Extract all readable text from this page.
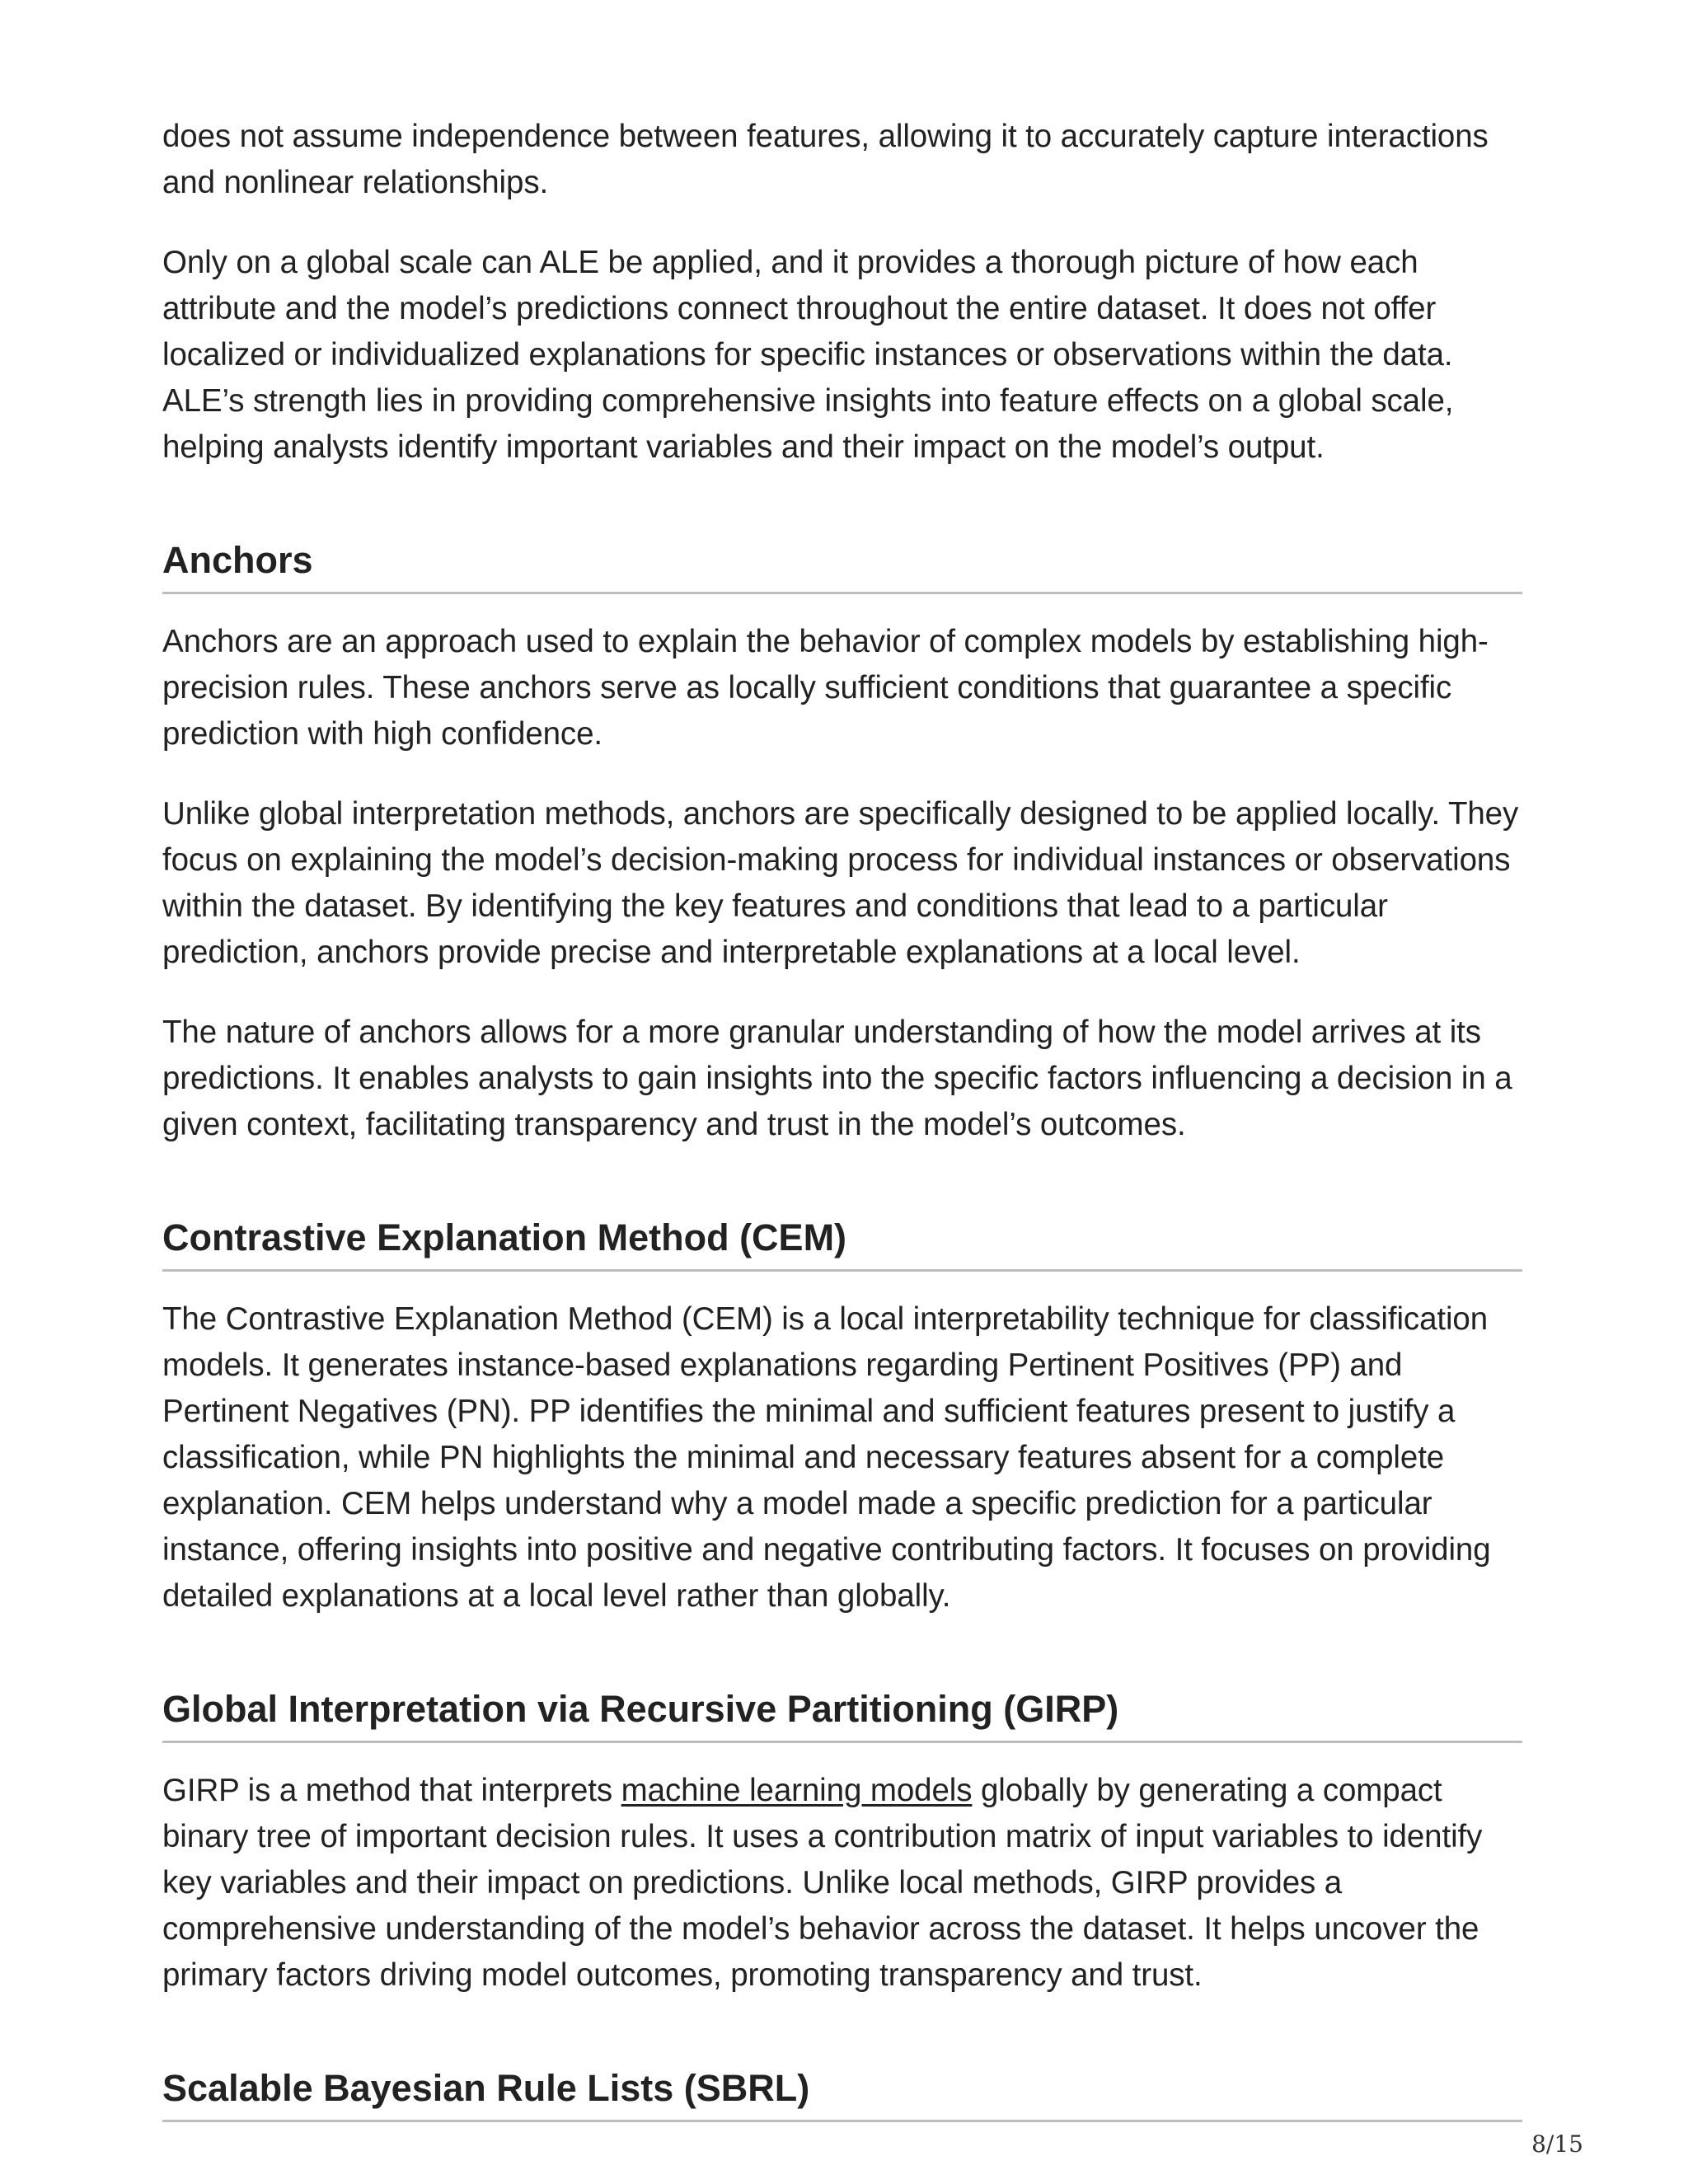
does not assume independence between features, allowing it to accurately capture interactions and nonlinear relationships.

Only on a global scale can ALE be applied, and it provides a thorough picture of how each attribute and the model’s predictions connect throughout the entire dataset. It does not offer localized or individualized explanations for specific instances or observations within the data. ALE’s strength lies in providing comprehensive insights into feature effects on a global scale, helping analysts identify important variables and their impact on the model’s output.

Anchors

Anchors are an approach used to explain the behavior of complex models by establishing high-precision rules. These anchors serve as locally sufficient conditions that guarantee a specific prediction with high confidence.

Unlike global interpretation methods, anchors are specifically designed to be applied locally. They focus on explaining the model’s decision-making process for individual instances or observations within the dataset. By identifying the key features and conditions that lead to a particular prediction, anchors provide precise and interpretable explanations at a local level.

The nature of anchors allows for a more granular understanding of how the model arrives at its predictions. It enables analysts to gain insights into the specific factors influencing a decision in a given context, facilitating transparency and trust in the model’s outcomes.

Contrastive Explanation Method (CEM)

The Contrastive Explanation Method (CEM) is a local interpretability technique for classification models. It generates instance-based explanations regarding Pertinent Positives (PP) and Pertinent Negatives (PN). PP identifies the minimal and sufficient features present to justify a classification, while PN highlights the minimal and necessary features absent for a complete explanation. CEM helps understand why a model made a specific prediction for a particular instance, offering insights into positive and negative contributing factors. It focuses on providing detailed explanations at a local level rather than globally.

Global Interpretation via Recursive Partitioning (GIRP)

GIRP is a method that interprets machine learning models globally by generating a compact binary tree of important decision rules. It uses a contribution matrix of input variables to identify key variables and their impact on predictions. Unlike local methods, GIRP provides a comprehensive understanding of the model’s behavior across the dataset. It helps uncover the primary factors driving model outcomes, promoting transparency and trust.

Scalable Bayesian Rule Lists (SBRL)
8/15
